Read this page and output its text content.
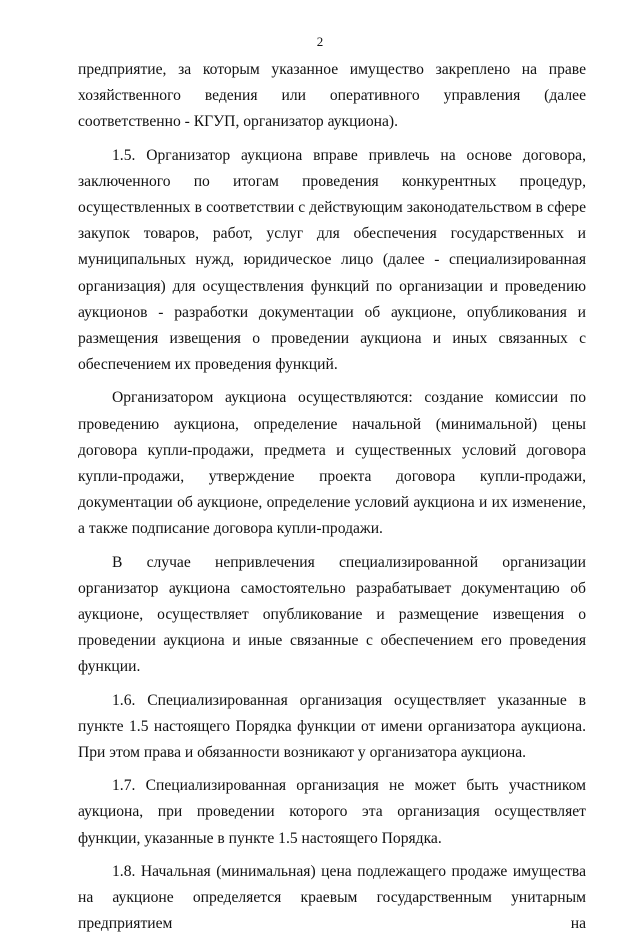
2

предприятие, за которым указанное имущество закреплено на праве хозяйственного ведения или оперативного управления (далее соответственно - КГУП, организатор аукциона).

1.5. Организатор аукциона вправе привлечь на основе договора, заключенного по итогам проведения конкурентных процедур, осуществленных в соответствии с действующим законодательством в сфере закупок товаров, работ, услуг для обеспечения государственных и муниципальных нужд, юридическое лицо (далее - специализированная организация) для осуществления функций по организации и проведению аукционов - разработки документации об аукционе, опубликования и размещения извещения о проведении аукциона и иных связанных с обеспечением их проведения функций.

Организатором аукциона осуществляются: создание комиссии по проведению аукциона, определение начальной (минимальной) цены договора купли-продажи, предмета и существенных условий договора купли-продажи, утверждение проекта договора купли-продажи, документации об аукционе, определение условий аукциона и их изменение, а также подписание договора купли-продажи.

В случае непривлечения специализированной организации организатор аукциона самостоятельно разрабатывает документацию об аукционе, осуществляет опубликование и размещение извещения о проведении аукциона и иные связанные с обеспечением его проведения функции.

1.6. Специализированная организация осуществляет указанные в пункте 1.5 настоящего Порядка функции от имени организатора аукциона. При этом права и обязанности возникают у организатора аукциона.

1.7. Специализированная организация не может быть участником аукциона, при проведении которого эта организация осуществляет функции, указанные в пункте 1.5 настоящего Порядка.

1.8. Начальная (минимальная) цена подлежащего продаже имущества на аукционе определяется краевым государственным унитарным предприятием на
